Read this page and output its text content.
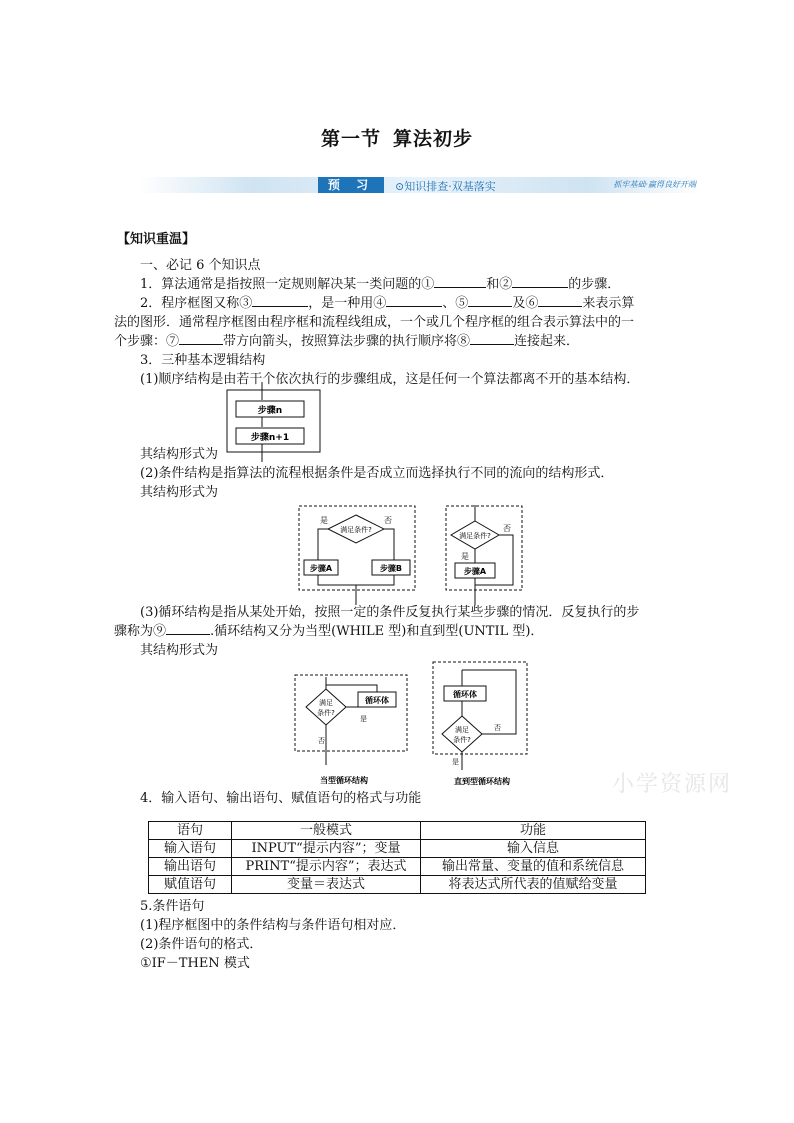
第一节 算法初步
预 习	⊙知识排查·双基落实	抓牢基础·赢得良好开端
【知识重温】
一、必记 6 个知识点
1．算法通常是指按照一定规则解决某一类问题的①	和②	的步骤．
2．程序框图又称③	，是一种用④	、⑤	及⑥	来表示算
法的图形．通常程序框图由程序框和流程线组成，一个或几个程序框的组合表示算法中的一
个步骤：⑦	带方向箭头，按照算法步骤的执行顺序将⑧	连接起来．
3．三种基本逻辑结构
(1)顺序结构是由若干个依次执行的步骤组成，这是任何一个算法都离不开的基本结构．
步骤n
步骤n+1
其结构形式为
(2)条件结构是指算法的流程根据条件是否成立而选择执行不同的流向的结构形式．
其结构形式为
满足条件?
是	否
步骤A	步骤B
满足条件?
否
是
步骤A
(3)循环结构是指从某处开始，按照一定的条件反复执行某些步骤的情况．反复执行的步
骤称为⑨	.循环结构又分为当型(WHILE 型)和直到型(UNTIL 型)．
其结构形式为
满足
条件?
循环体
是
否
当型循环结构
循环体
满足
条件?
否
是
直到型循环结构	小学资源网
4．输入语句、输出语句、赋值语句的格式与功能
语句	一般模式	功能
输入语句	INPUT“提示内容”；变量	输入信息
输出语句	PRINT“提示内容”；表达式	输出常量、变量的值和系统信息
赋值语句	变量＝表达式	将表达式所代表的值赋给变量
5.条件语句
(1)程序框图中的条件结构与条件语句相对应．
(2)条件语句的格式．
①IF－THEN 模式
